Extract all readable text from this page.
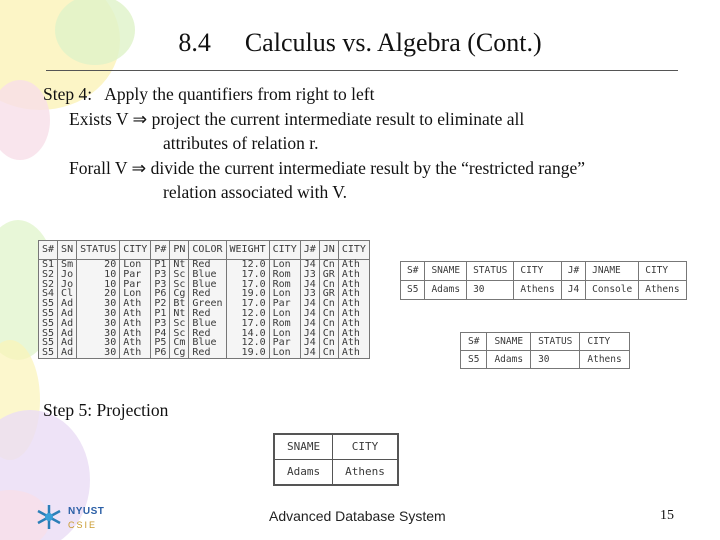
8.4 Calculus vs. Algebra (Cont.)
Step 4:   Apply the quantifiers from right to left
Exists V ⇒ project the current intermediate result to eliminate all
attributes of relation r.
Forall V ⇒ divide the current intermediate result by the “restricted range”
relation associated with V.
S#	SN	STATUS	CITY	P#	PN	COLOR	WEIGHT	CITY	J#	JN	CITY
S1	Sm	20	Lon	P1	Nt	Red	12.0	Lon	J4	Cn	Ath
S2	Jo	10	Par	P3	Sc	Blue	17.0	Rom	J3	GR	Ath
S2	Jo	10	Par	P3	Sc	Blue	17.0	Rom	J4	Cn	Ath
S4	Cl	20	Lon	P6	Cg	Red	19.0	Lon	J3	GR	Ath
S5	Ad	30	Ath	P2	Bt	Green	17.0	Par	J4	Cn	Ath
S5	Ad	30	Ath	P1	Nt	Red	12.0	Lon	J4	Cn	Ath
S5	Ad	30	Ath	P3	Sc	Blue	17.0	Rom	J4	Cn	Ath
S5	Ad	30	Ath	P4	Sc	Red	14.0	Lon	J4	Cn	Ath
S5	Ad	30	Ath	P5	Cm	Blue	12.0	Par	J4	Cn	Ath
S5	Ad	30	Ath	P6	Cg	Red	19.0	Lon	J4	Cn	Ath
S#	SNAME	STATUS	CITY	J#	JNAME	CITY
S5	Adams	30	Athens	J4	Console	Athens
S#	SNAME	STATUS	CITY
S5	Adams	30	Athens
Step 5: Projection
SNAME	CITY
Adams	Athens
NYUST
CSIE
Advanced Database System	15
